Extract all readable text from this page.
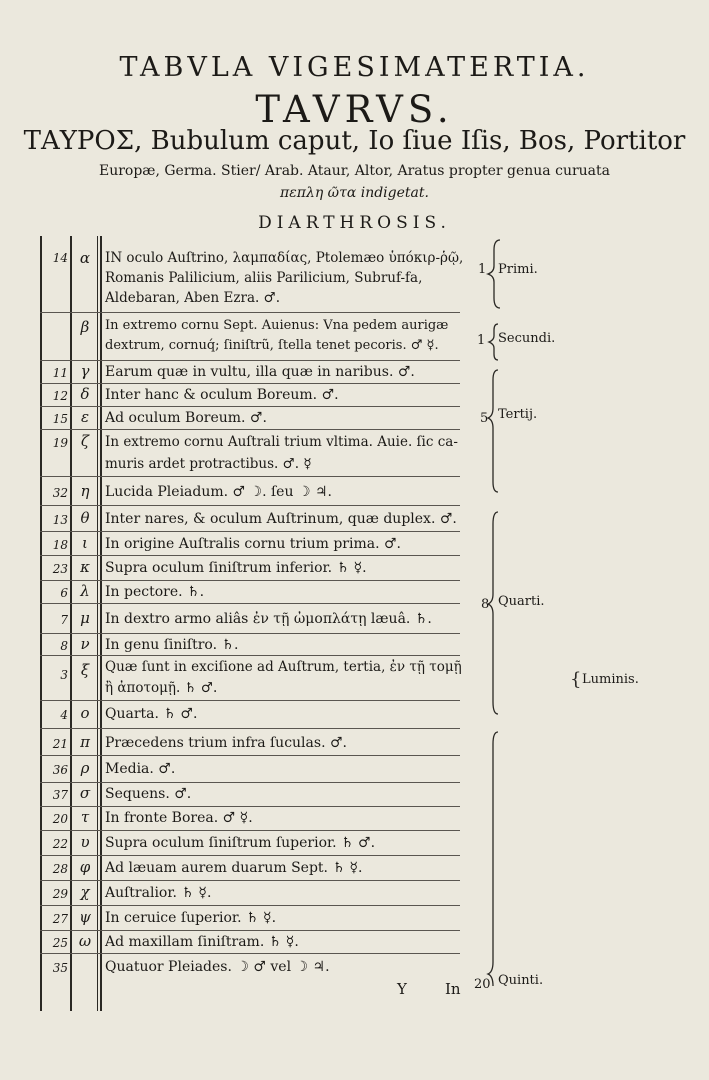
TABVLA VIGESIMATERTIA.
TAVRVS.
ΤΑΥΡΟΣ, Bubulum caput, Io ſiue Iſis, Bos, Portitor
Europæ, Germa. Stier/ Arab. Ataur, Altor, Aratus propter genua curuata
πεπλη ῶτα indigetat.
DIARTHROSIS.
14 α	IN oculo Auſtrino, λαμπαδίας, Ptolemæo ὑπόκιρ-ῥῷ, Romanis Palilicium, aliis Parilicium, Subruf-fa, Aldebaran, Aben Ezra. ♂.
β	In extremo cornu Sept. Auienus: Vna pedem aurigæ dextrum, cornuq́; ſiniſtrũ, ſtella tenet pecoris. ♂ ☿.
11 γ	Earum quæ in vultu, illa quæ in naribus. ♂.
12 δ	Inter hanc & oculum Boreum. ♂.
15 ε	Ad oculum Boreum. ♂.
19 ζ	In extremo cornu Auſtrali trium vltima. Auie. ſic ca-muris ardet protractibus. ♂. ☿
32 η	Lucida Pleiadum. ♂ ☽. ſeu ☽ ♃.
13 θ	Inter nares, & oculum Auſtrinum, quæ duplex. ♂.
18 ι	In origine Auſtralis cornu trium prima. ♂.
23 κ	Supra oculum ſiniſtrum inferior. ♄ ☿.
6 λ	In pectore. ♄.
7 μ	In dextro armo aliâs ἐν τῇ ὠμοπλάτῃ læuâ. ♄.
8 ν	In genu ſiniſtro. ♄.
3 ξ	Quæ ſunt in exciſione ad Auſtrum, tertia, ἐν τῇ τομῇ ἢ ἀποτομῇ. ♄ ♂.
4 ο	Quarta. ♄ ♂.
21 π	Præcedens trium infra ſuculas. ♂.
36 ρ	Media. ♂.
37 σ	Sequens. ♂.
20 τ	In fronte Borea. ♂ ☿.
22 υ	Supra oculum ſiniſtrum ſuperior. ♄ ♂.
28 φ	Ad læuam aurem duarum Sept. ♄ ☿.
29 χ	Auſtralior. ♄ ☿.
27 ψ	In ceruice ſuperior. ♄ ☿.
25 ω Ad maxillam ſiniſtram. ♄ ☿.
35	Quatuor Pleiades. ☽ ♂ vel ☽ ♃.
1 Primi.
1 Secundi.
5 Tertij.
8 Quarti.
20 Quinti.
{ Luminis.
Y	In
